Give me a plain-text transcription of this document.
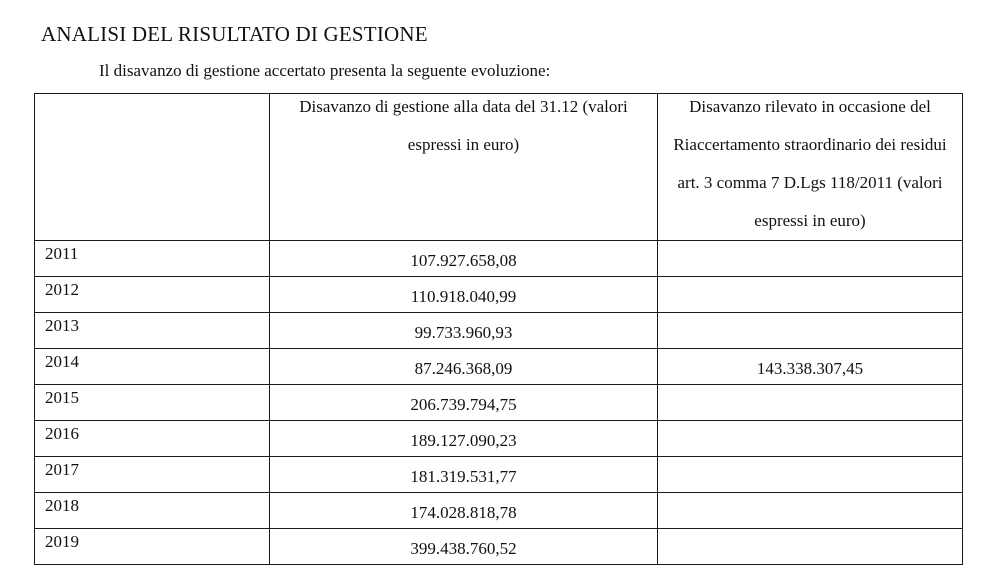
ANALISI DEL RISULTATO DI GESTIONE
Il disavanzo di gestione accertato presenta la seguente evoluzione:

	Disavanzo di gestione alla data del 31.12 (valori espressi in euro)	Disavanzo rilevato in occasione del Riaccertamento straordinario dei residui art. 3 comma 7 D.Lgs 118/2011 (valori espressi in euro)

2011	107.927.658,08	
2012	110.918.040,99	
2013	99.733.960,93	
2014	87.246.368,09	143.338.307,45
2015	206.739.794,75	
2016	189.127.090,23	
2017	181.319.531,77	
2018	174.028.818,78	
2019	399.438.760,52	
